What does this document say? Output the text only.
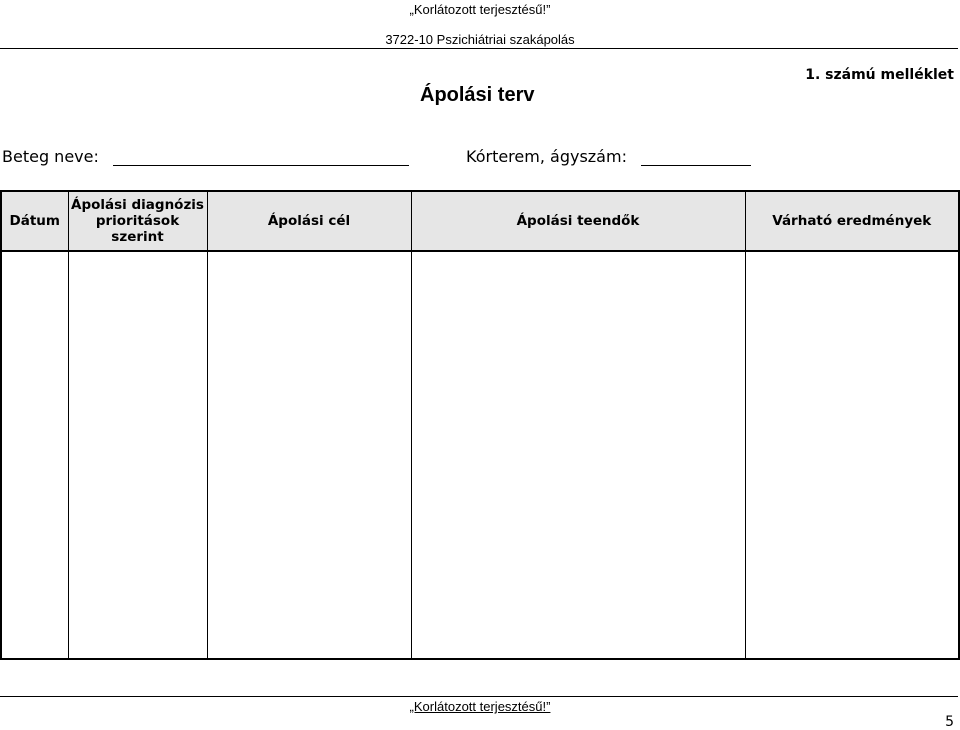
„Korlátozott terjesztésű!”
3722-10 Pszichiátriai szakápolás
Ápolási terv
1. számú melléklet
Beteg neve:	Kórterem, ágyszám:
Dátum	Ápolási diagnózis prioritások szerint	Ápolási cél	Ápolási teendők	Várható eredmények

„Korlátozott terjesztésű!”
5
